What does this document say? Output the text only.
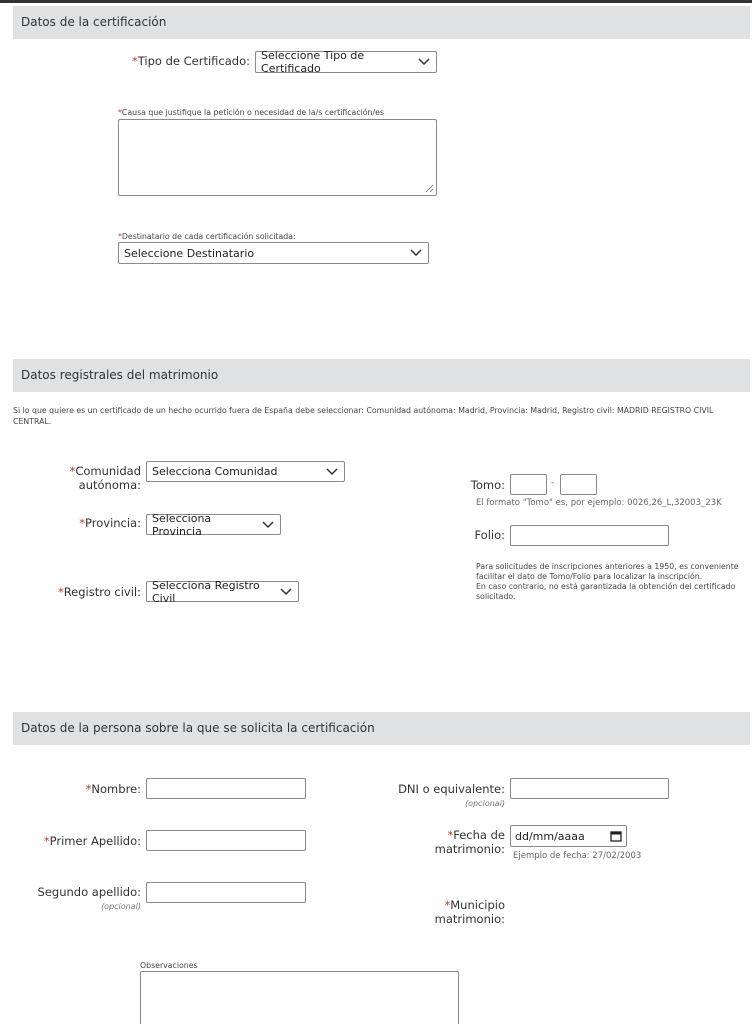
Datos de la certificación
*Tipo de Certificado: Seleccione Tipo de Certificado
*Causa que justifique la petición o necesidad de la/s certificación/es
*Destinatario de cada certificación solicitada:
Seleccione Destinatario
Datos registrales del matrimonio
Si lo que quiere es un certificado de un hecho ocurrido fuera de España debe seleccionar: Comunidad autónoma: Madrid, Provincia: Madrid, Registro civil: MADRID REGISTRO CIVIL CENTRAL.
*Comunidad
autónoma:
Selecciona Comunidad
*Provincia: Selecciona Provincia
*Registro civil: Selecciona Registro Civil
Tomo:	-
El formato "Tomo" es, por ejemplo: 0026,26_L,32003_23K
Folio:
Para solicitudes de inscripciones anteriores a 1950, es conveniente
facilitar el dato de Tomo/Folio para localizar la inscripción.
En caso contrario, no está garantizada la obtención del certificado
solicitado.
Datos de la persona sobre la que se solicita la certificación
*Nombre:
*Primer Apellido:
Segundo apellido:
(opcional)
DNI o equivalente:
(opcional)
*Fecha de
matrimonio:
dd/mm/aaaa
Ejemplo de fecha: 27/02/2003
*Municipio
matrimonio:
Observaciones
